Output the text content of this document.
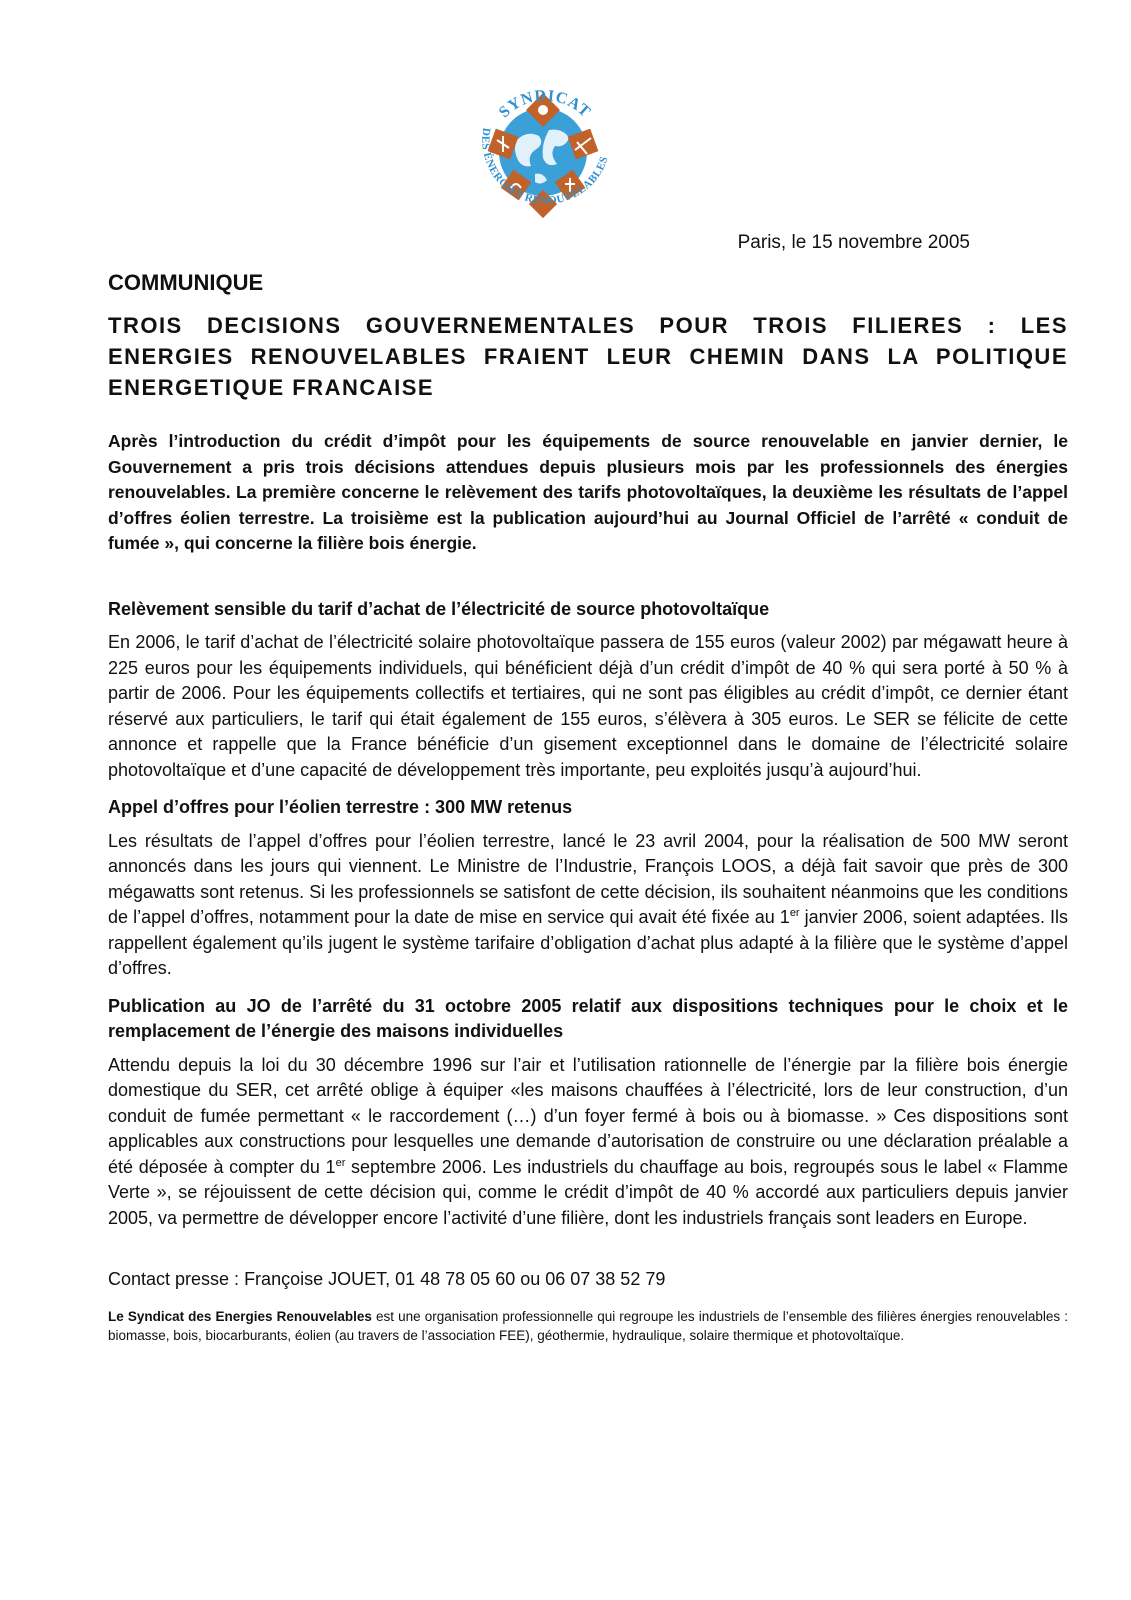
SYNDICAT
DES ÉNERGIES RENOUVELABLES
Paris, le 15 novembre 2005
COMMUNIQUE
TROIS DECISIONS GOUVERNEMENTALES POUR TROIS FILIERES : LES ENERGIES RENOUVELABLES FRAIENT LEUR CHEMIN DANS LA POLITIQUE ENERGETIQUE FRANCAISE
Après l’introduction du crédit d’impôt pour les équipements de source renouvelable en janvier dernier, le Gouvernement a pris trois décisions attendues depuis plusieurs mois par les professionnels des énergies renouvelables. La première concerne le relèvement des tarifs photovoltaïques, la deuxième les résultats de l’appel d’offres éolien terrestre. La troisième est la publication aujourd’hui au Journal Officiel de l’arrêté « conduit de fumée », qui concerne la filière bois énergie.
Relèvement sensible du tarif d’achat de l’électricité de source photovoltaïque
En 2006, le tarif d’achat de l’électricité solaire photovoltaïque passera de 155 euros (valeur 2002) par mégawatt heure à 225 euros pour les équipements individuels, qui bénéficient déjà d’un crédit d’impôt de 40 % qui sera porté à 50 % à partir de 2006. Pour les équipements collectifs et tertiaires, qui ne sont pas éligibles au crédit d’impôt, ce dernier étant réservé aux particuliers, le tarif qui était également de 155 euros, s’élèvera à 305 euros. Le SER se félicite de cette annonce et rappelle que la France bénéficie d’un gisement exceptionnel dans le domaine de l’électricité solaire photovoltaïque et d’une capacité de développement très importante, peu exploités jusqu’à aujourd’hui.
Appel d’offres pour l’éolien terrestre : 300 MW retenus
Les résultats de l’appel d’offres pour l’éolien terrestre, lancé le 23 avril 2004, pour la réalisation de 500 MW seront annoncés dans les jours qui viennent. Le Ministre de l’Industrie, François LOOS, a déjà fait savoir que près de 300 mégawatts sont retenus. Si les professionnels se satisfont de cette décision, ils souhaitent néanmoins que les conditions de l’appel d’offres, notamment pour la date de mise en service qui avait été fixée au 1er janvier 2006, soient adaptées. Ils rappellent également qu’ils jugent le système tarifaire d’obligation d’achat plus adapté à la filière que le système d’appel d’offres.
Publication au JO de l’arrêté du 31 octobre 2005 relatif aux dispositions techniques pour le choix et le remplacement de l’énergie des maisons individuelles
Attendu depuis la loi du 30 décembre 1996 sur l’air et l’utilisation rationnelle de l’énergie par la filière bois énergie domestique du SER, cet arrêté oblige à équiper «les maisons chauffées à l’électricité, lors de leur construction, d’un conduit de fumée permettant « le raccordement (…) d’un foyer fermé à bois ou à biomasse. » Ces dispositions sont applicables aux constructions pour lesquelles une demande d’autorisation de construire ou une déclaration préalable a été déposée à compter du 1er septembre 2006. Les industriels du chauffage au bois, regroupés sous le label « Flamme Verte », se réjouissent de cette décision qui, comme le crédit d’impôt de 40 % accordé aux particuliers depuis janvier 2005, va permettre de développer encore l’activité d’une filière, dont les industriels français sont leaders en Europe.
Contact presse : Françoise JOUET, 01 48 78 05 60 ou 06 07 38 52 79
Le Syndicat des Energies Renouvelables est une organisation professionnelle qui regroupe les industriels de l’ensemble des filières énergies renouvelables : biomasse, bois, biocarburants, éolien (au travers de l’association FEE), géothermie, hydraulique, solaire thermique et photovoltaïque.
